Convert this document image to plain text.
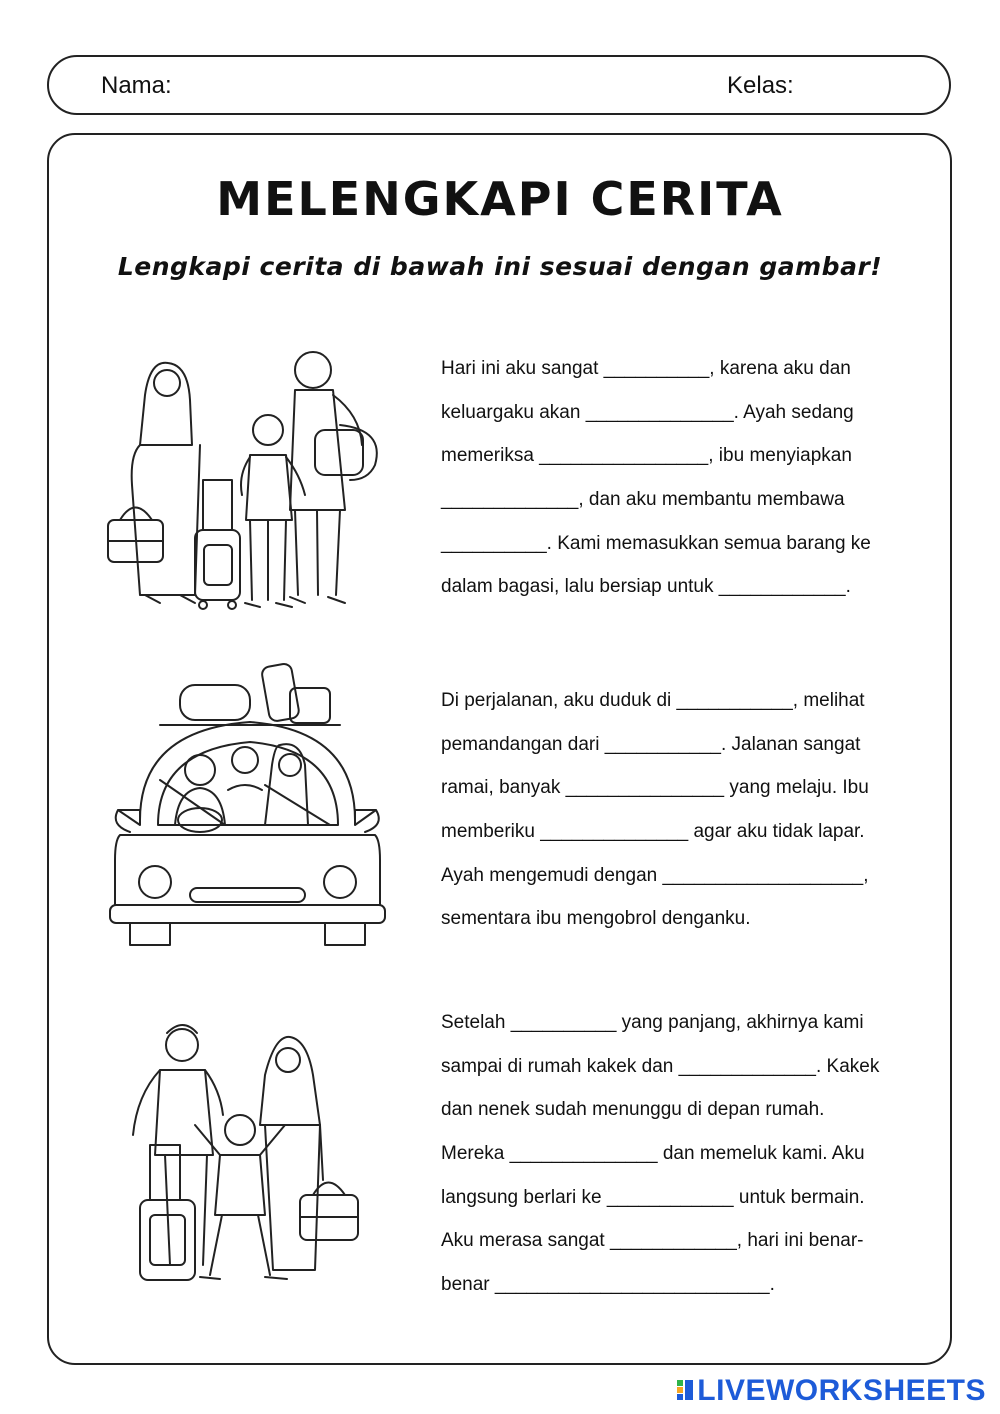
Nama:	Kelas:
MELENGKAPI CERITA
Lengkapi cerita di bawah ini sesuai dengan gambar!
Hari ini aku sangat __________, karena aku dan
keluargaku akan ______________. Ayah sedang
memeriksa ________________, ibu menyiapkan
_____________, dan aku membantu membawa
__________. Kami memasukkan semua barang ke
dalam bagasi, lalu bersiap untuk ____________.
Di perjalanan, aku duduk di ___________, melihat
pemandangan dari ___________. Jalanan sangat
ramai, banyak _______________ yang melaju. Ibu
memberiku ______________ agar aku tidak lapar.
Ayah mengemudi dengan ___________________,
sementara ibu mengobrol denganku.
Setelah __________ yang panjang, akhirnya kami
sampai di rumah kakek dan _____________. Kakek
dan nenek sudah menunggu di depan rumah.
Mereka ______________ dan memeluk kami. Aku
langsung berlari ke ____________ untuk bermain.
Aku merasa sangat ____________, hari ini benar-
benar __________________________.
LIVEWORKSHEETS
